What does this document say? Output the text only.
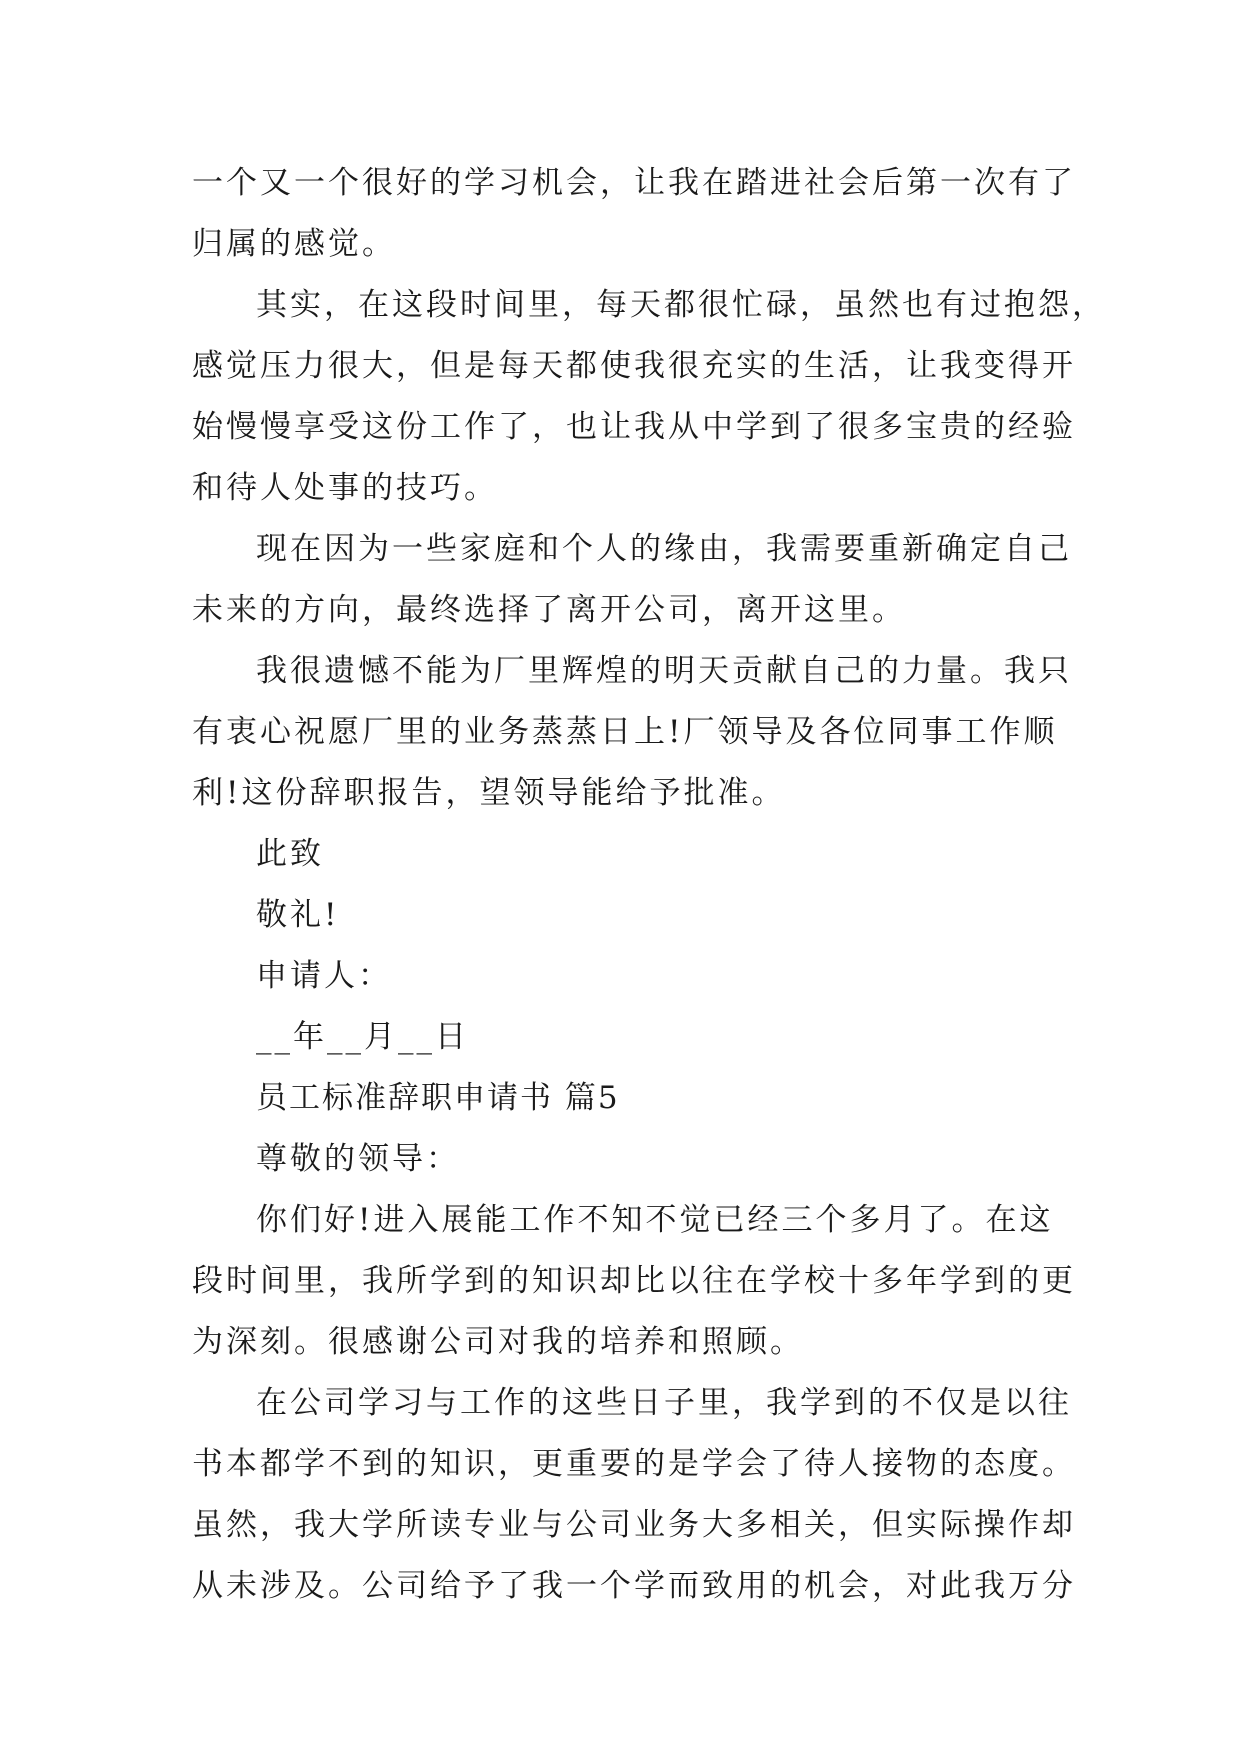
一个又一个很好的学习机会，让我在踏进社会后第一次有了
归属的感觉。
其实，在这段时间里，每天都很忙碌，虽然也有过抱怨，
感觉压力很大，但是每天都使我很充实的生活，让我变得开
始慢慢享受这份工作了，也让我从中学到了很多宝贵的经验
和待人处事的技巧。
现在因为一些家庭和个人的缘由，我需要重新确定自己
未来的方向，最终选择了离开公司，离开这里。
我很遗憾不能为厂里辉煌的明天贡献自己的力量。我只
有衷心祝愿厂里的业务蒸蒸日上!厂领导及各位同事工作顺
利!这份辞职报告，望领导能给予批准。
此致
敬礼!
申请人：
__年__月__日
员工标准辞职申请书 篇5
尊敬的领导：
你们好!进入展能工作不知不觉已经三个多月了。在这
段时间里，我所学到的知识却比以往在学校十多年学到的更
为深刻。很感谢公司对我的培养和照顾。
在公司学习与工作的这些日子里，我学到的不仅是以往
书本都学不到的知识，更重要的是学会了待人接物的态度。
虽然，我大学所读专业与公司业务大多相关，但实际操作却
从未涉及。公司给予了我一个学而致用的机会，对此我万分
